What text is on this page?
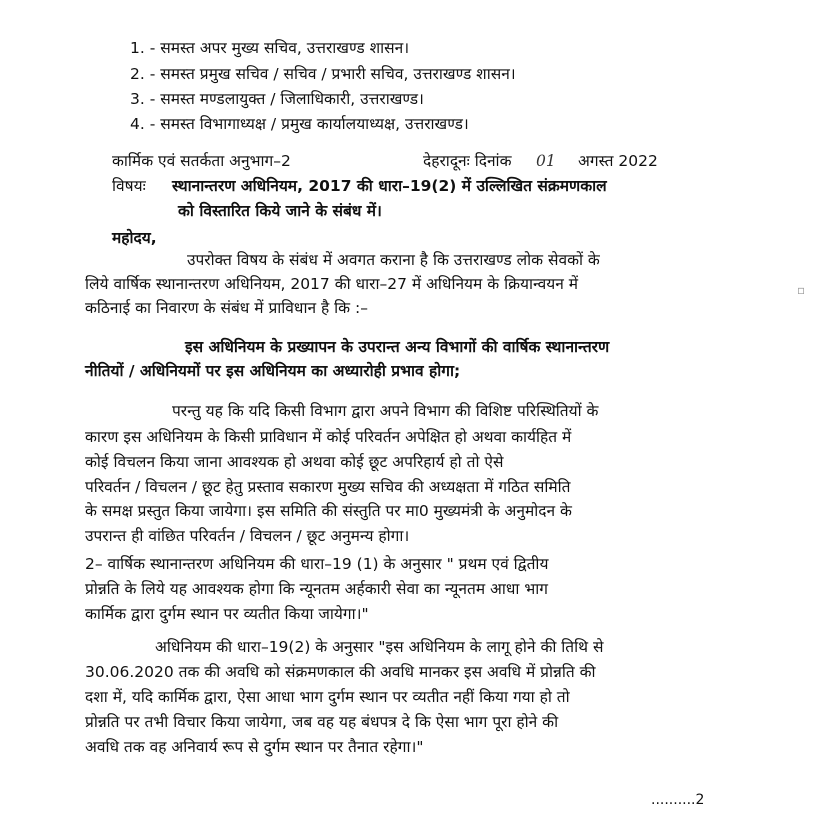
1. - समस्त अपर मुख्य सचिव, उत्तराखण्ड शासन।
2. - समस्त प्रमुख सचिव / सचिव / प्रभारी सचिव, उत्तराखण्ड शासन।
3. - समस्त मण्डलायुक्त / जिलाधिकारी, उत्तराखण्ड।
4. - समस्त विभागाध्यक्ष / प्रमुख कार्यालयाध्यक्ष, उत्तराखण्ड।
कार्मिक एवं सतर्कता अनुभाग–2	देहरादूनः दिनांक 01 अगस्त 2022
विषयः स्थानान्तरण अधिनियम, 2017 की धारा–19(2) में उल्लिखित संक्रमणकाल
को विस्तारित किये जाने के संबंध में।
महोदय,
उपरोक्त विषय के संबंध में अवगत कराना है कि उत्तराखण्ड लोक सेवकों के
लिये वार्षिक स्थानान्तरण अधिनियम, 2017 की धारा–27 में अधिनियम के क्रियान्वयन में
कठिनाई का निवारण के संबंध में प्राविधान है कि :–
▫
इस अधिनियम के प्रख्यापन के उपरान्त अन्य विभागों की वार्षिक स्थानान्तरण
नीतियों / अधिनियमों पर इस अधिनियम का अध्यारोही प्रभाव होगा;
परन्तु यह कि यदि किसी विभाग द्वारा अपने विभाग की विशिष्ट परिस्थितियों के
कारण इस अधिनियम के किसी प्राविधान में कोई परिवर्तन अपेक्षित हो अथवा कार्यहित में
कोई विचलन किया जाना आवश्यक हो अथवा कोई छूट अपरिहार्य हो तो ऐसे
परिवर्तन / विचलन / छूट हेतु प्रस्ताव सकारण मुख्य सचिव की अध्यक्षता में गठित समिति
के समक्ष प्रस्तुत किया जायेगा। इस समिति की संस्तुति पर मा0 मुख्यमंत्री के अनुमोदन के
उपरान्त ही वांछित परिवर्तन / विचलन / छूट अनुमन्य होगा।
2– वार्षिक स्थानान्तरण अधिनियम की धारा–19 (1) के अनुसार " प्रथम एवं द्वितीय
प्रोन्नति के लिये यह आवश्यक होगा कि न्यूनतम अर्हकारी सेवा का न्यूनतम आधा भाग
कार्मिक द्वारा दुर्गम स्थान पर व्यतीत किया जायेगा।"
अधिनियम की धारा–19(2) के अनुसार "इस अधिनियम के लागू होने की तिथि से
30.06.2020 तक की अवधि को संक्रमणकाल की अवधि मानकर इस अवधि में प्रोन्नति की
दशा में, यदि कार्मिक द्वारा, ऐसा आधा भाग दुर्गम स्थान पर व्यतीत नहीं किया गया हो तो
प्रोन्नति पर तभी विचार किया जायेगा, जब वह यह बंधपत्र दे कि ऐसा भाग पूरा होने की
अवधि तक वह अनिवार्य रूप से दुर्गम स्थान पर तैनात रहेगा।"
..........2
